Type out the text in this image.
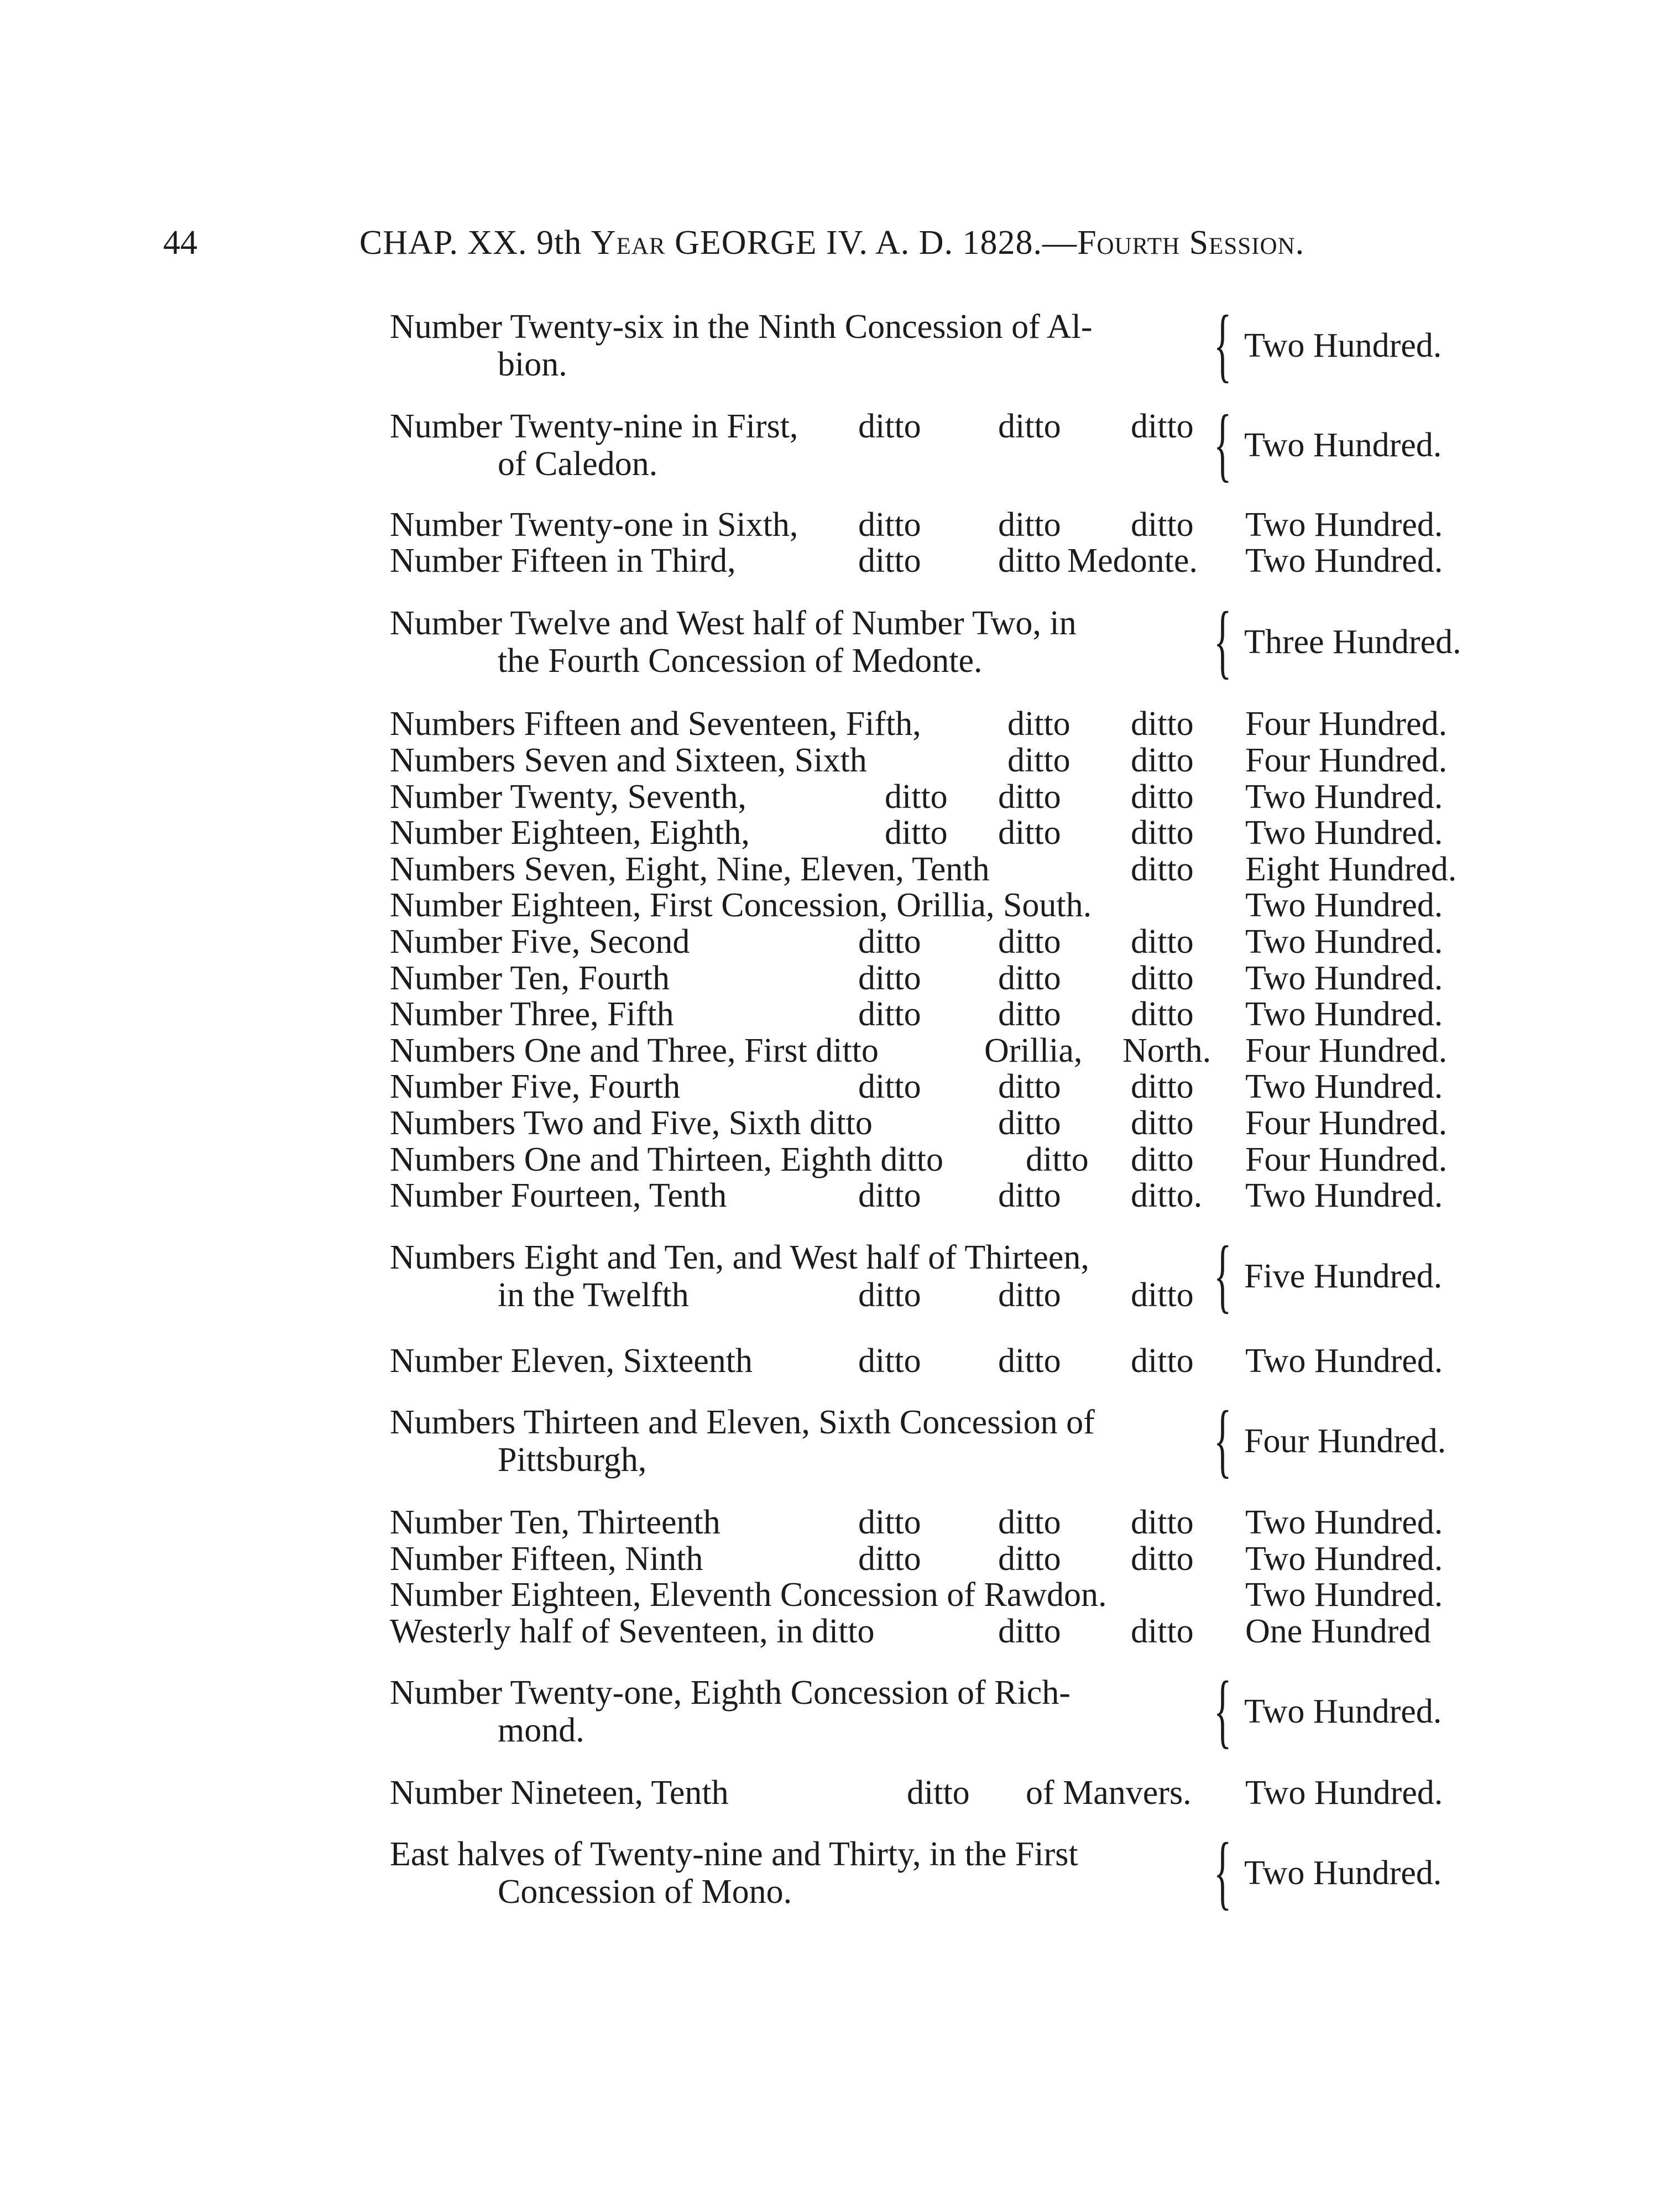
44	CHAP. XX. 9th Year GEORGE IV. A. D. 1828.—Fourth Session.
Number Twenty-six in the Ninth Concession of Al-
bion.	{ Two Hundred.
Number Twenty-nine in First, ditto ditto ditto
of Caledon.	{ Two Hundred.
Number Twenty-one in Sixth, ditto ditto ditto Two Hundred.
Number Fifteen in Third,	ditto ditto Medonte. Two Hundred.
Number Twelve and West half of Number Two, in
the Fourth Concession of Medonte.	{ Three Hundred.
Numbers Fifteen and Seventeen, Fifth,	ditto ditto Four Hundred.
Numbers Seven and Sixteen, Sixth	ditto ditto Four Hundred.
Number Twenty, Seventh,	ditto ditto ditto Two Hundred.
Number Eighteen, Eighth,	ditto ditto ditto Two Hundred.
Numbers Seven, Eight, Nine, Eleven, Tenth	ditto Eight Hundred.
Number Eighteen, First Concession, Orillia, South.	Two Hundred.
Number Five, Second	ditto ditto ditto Two Hundred.
Number Ten, Fourth	ditto ditto ditto Two Hundred.
Number Three, Fifth	ditto ditto ditto Two Hundred.
Numbers One and Three, First ditto	Orillia, North. Four Hundred.
Number Five, Fourth	ditto ditto ditto Two Hundred.
Numbers Two and Five, Sixth ditto	ditto ditto Four Hundred.
Numbers One and Thirteen, Eighth ditto ditto ditto Four Hundred.
Number Fourteen, Tenth	ditto ditto ditto. Two Hundred.
Numbers Eight and Ten, and West half of Thirteen,
in the Twelfth	ditto ditto ditto { Five Hundred.
Number Eleven, Sixteenth	ditto ditto ditto Two Hundred.
Numbers Thirteen and Eleven, Sixth Concession of
Pittsburgh,	{ Four Hundred.
Number Ten, Thirteenth	ditto ditto ditto Two Hundred.
Number Fifteen, Ninth	ditto ditto ditto Two Hundred.
Number Eighteen, Eleventh Concession of Rawdon.	Two Hundred.
Westerly half of Seventeen, in ditto	ditto ditto One Hundred
Number Twenty-one, Eighth Concession of Rich-
mond.	{ Two Hundred.
Number Nineteen, Tenth	ditto of Manvers. Two Hundred.
East halves of Twenty-nine and Thirty, in the First
Concession of Mono.	{ Two Hundred.
